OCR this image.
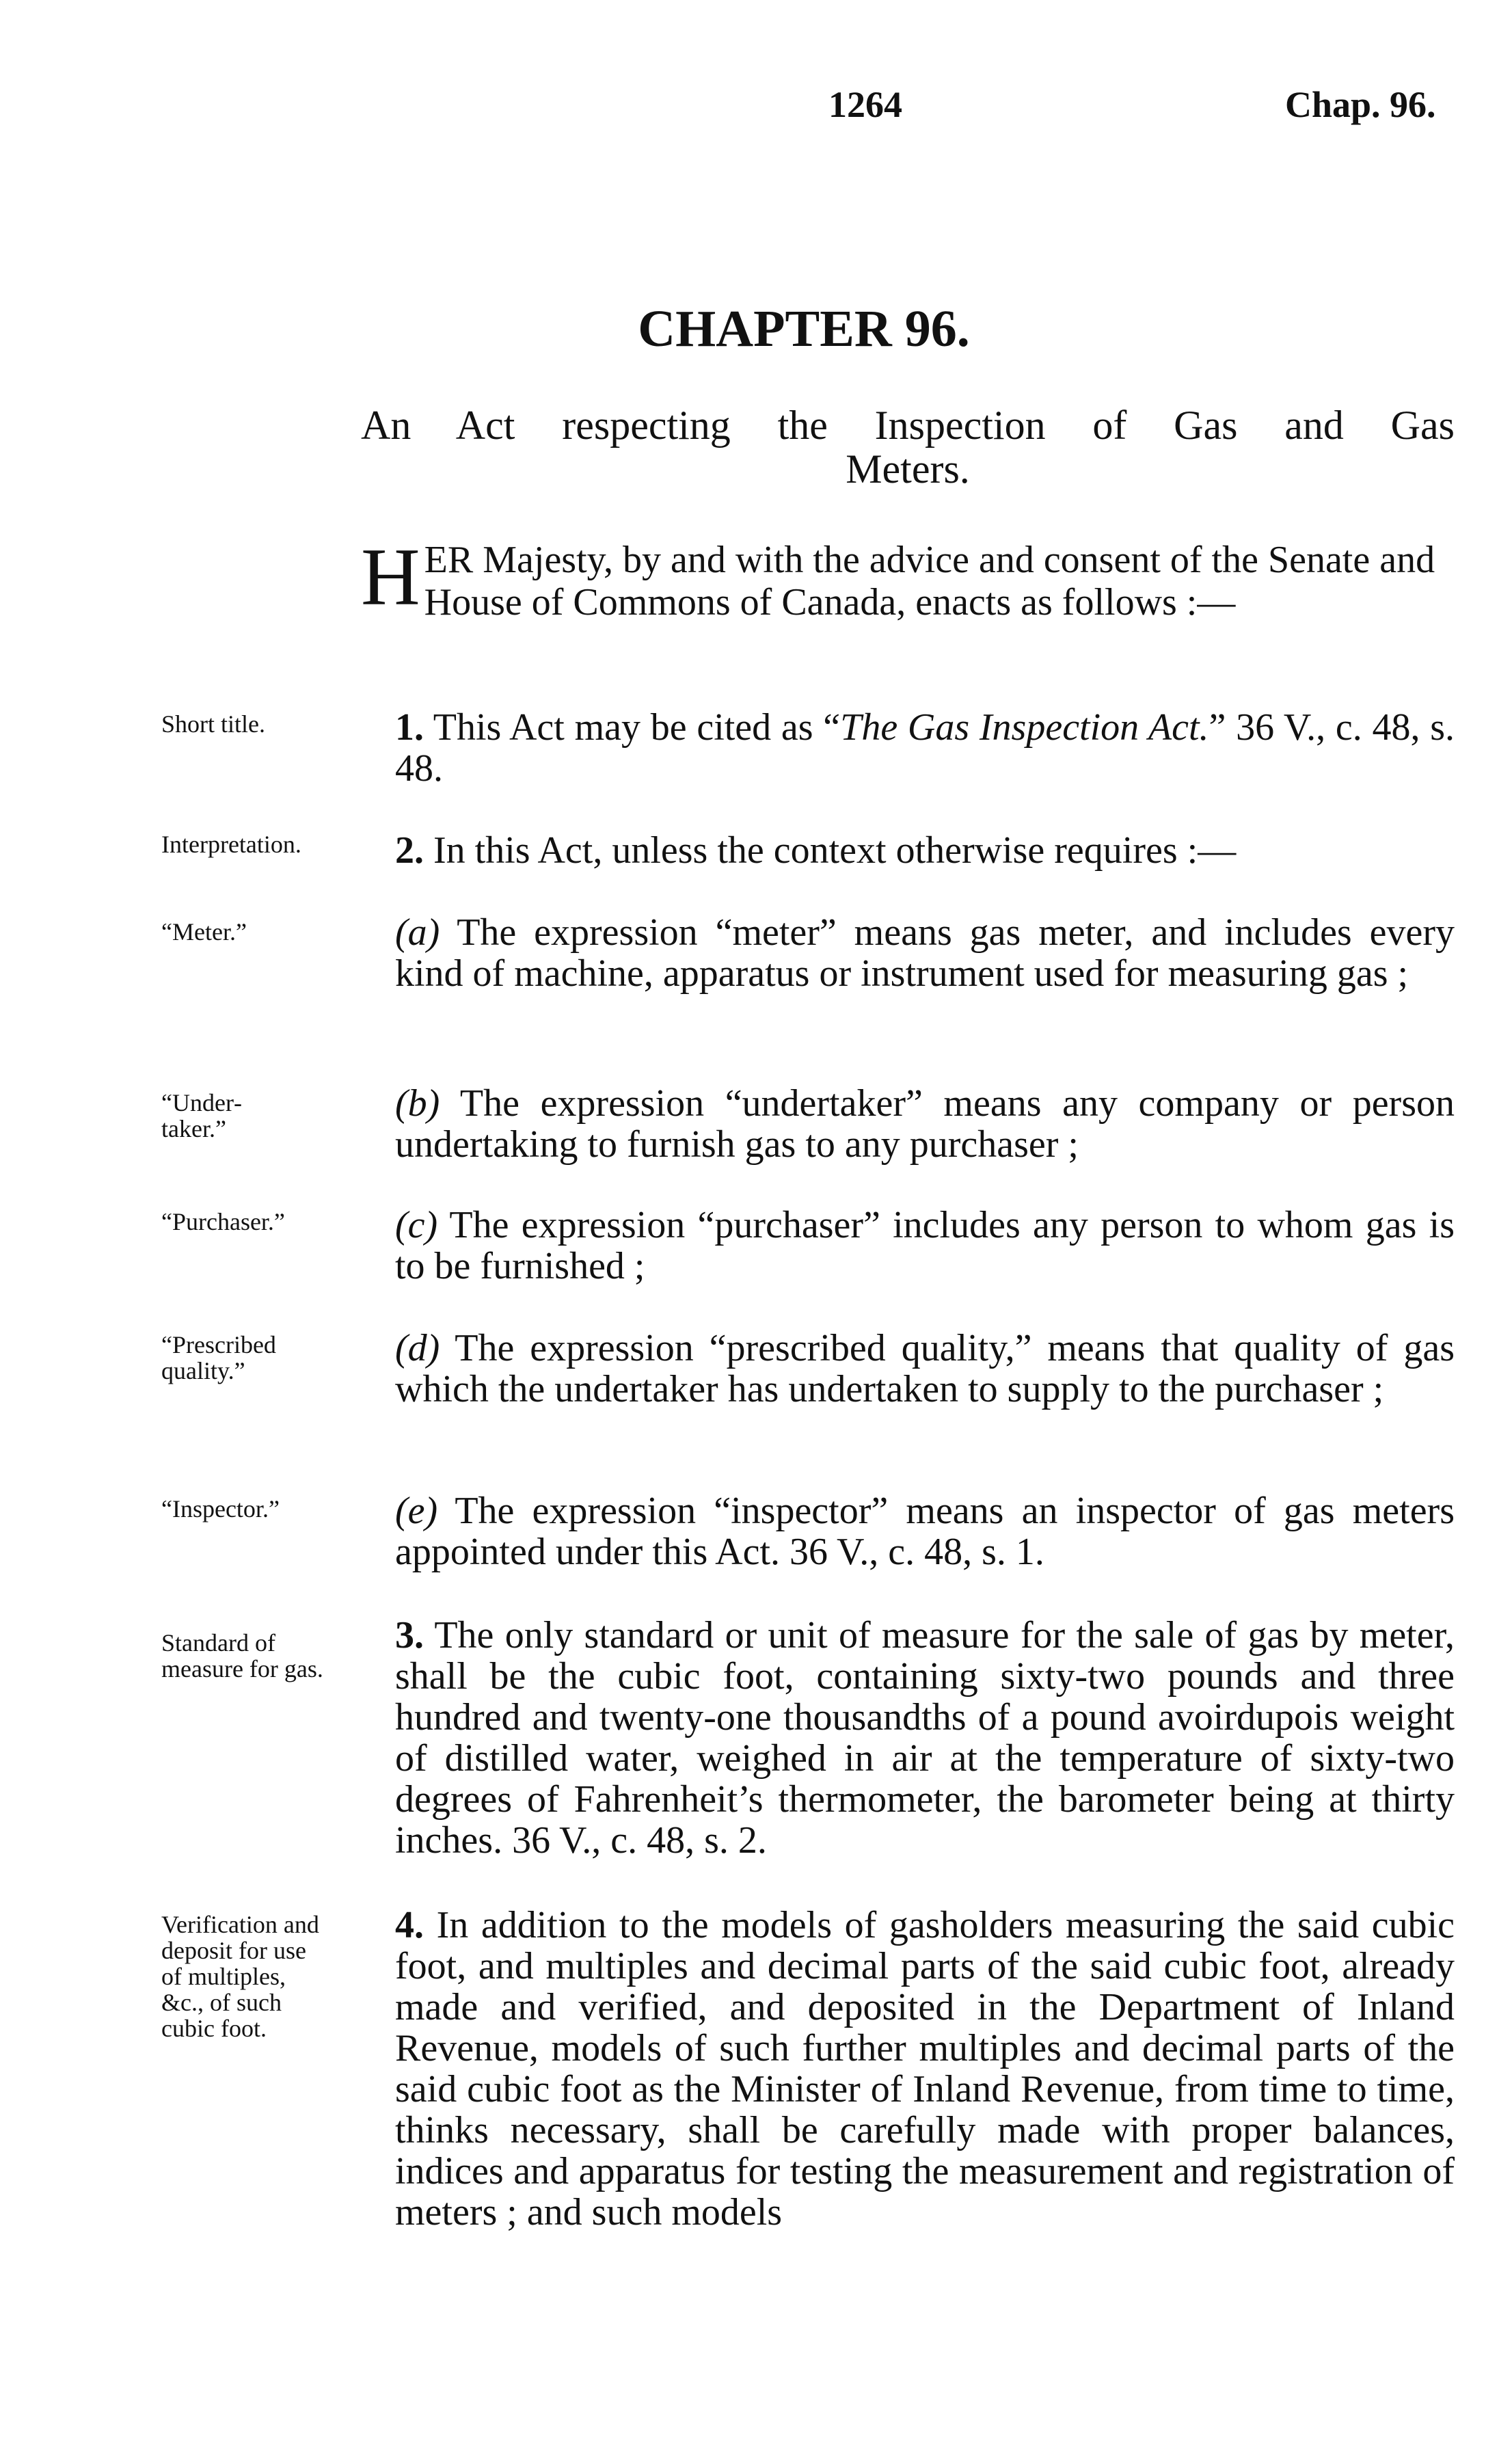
1264	Chap. 96.
CHAPTER 96.
An Act respecting the Inspection of Gas and Gas
Meters.
H ER Majesty, by and with the advice and consent of the Senate and House of Commons of Canada, enacts as follows :—
Short title.	1. This Act may be cited as “The Gas Inspection Act.” 36 V., c. 48, s. 48.
Interpretation.	2. In this Act, unless the context otherwise requires :—
“Meter.”	(a) The expression “meter” means gas meter, and includes every kind of machine, apparatus or instrument used for measuring gas ;
“Undertaker.”
(b) The expression “undertaker” means any company or person undertaking to furnish gas to any purchaser ;
“Purchaser.”	(c) The expression “purchaser” includes any person to whom gas is to be furnished ;
“Prescribed quality.”
(d) The expression “prescribed quality,” means that quality of gas which the undertaker has undertaken to supply to the purchaser ;
“Inspector.”	(e) The expression “inspector” means an inspector of gas meters appointed under this Act. 36 V., c. 48, s. 1.
Standard of measure for gas.
3. The only standard or unit of measure for the sale of gas by meter, shall be the cubic foot, containing sixty-two pounds and three hundred and twenty-one thousandths of a pound avoirdupois weight of distilled water, weighed in air at the temperature of sixty-two degrees of Fahrenheit’s thermometer, the barometer being at thirty inches. 36 V., c. 48, s. 2.
Verification and deposit for use of multiples, &c., of such cubic foot.
4. In addition to the models of gasholders measuring the said cubic foot, and multiples and decimal parts of the said cubic foot, already made and verified, and deposited in the Department of Inland Revenue, models of such further multiples and decimal parts of the said cubic foot as the Minister of Inland Revenue, from time to time, thinks necessary, shall be carefully made with proper balances, indices and apparatus for testing the measurement and registration of meters ; and such models
